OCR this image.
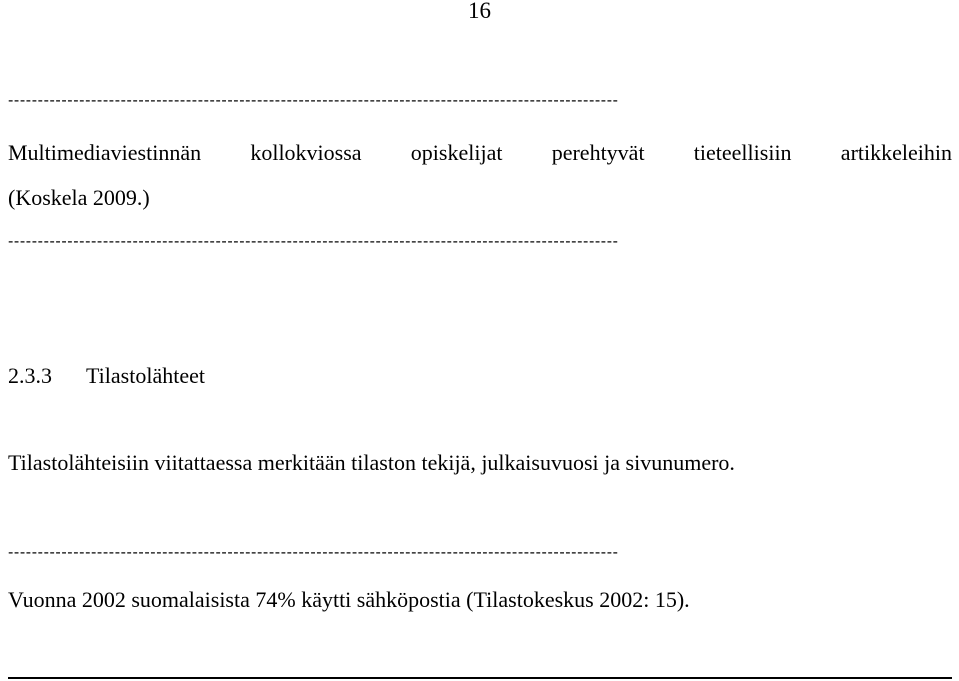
16
-------------------------------------------------------------------------------------------------------
Multimediaviestinnän kollokviossa opiskelijat perehtyvät tieteellisiin artikkeleihin
(Koskela 2009.)
-------------------------------------------------------------------------------------------------------
2.3.3 Tilastolähteet
Tilastolähteisiin viitattaessa merkitään tilaston tekijä, julkaisuvuosi ja sivunumero.
-------------------------------------------------------------------------------------------------------
Vuonna 2002 suomalaisista 74% käytti sähköpostia (Tilastokeskus 2002: 15).
